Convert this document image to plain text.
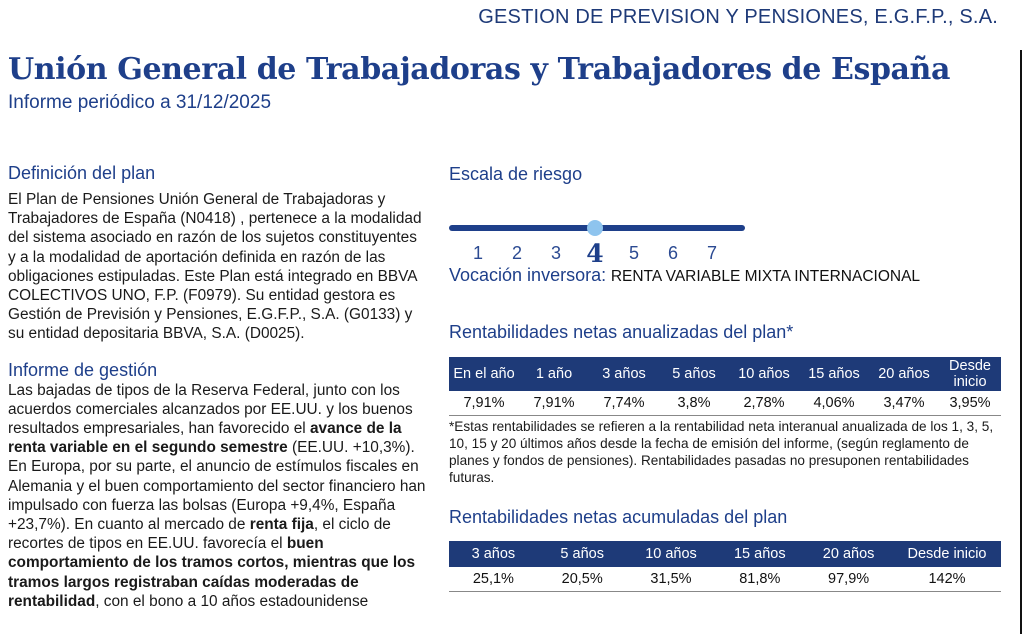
GESTION DE PREVISION Y PENSIONES, E.G.F.P., S.A.
Unión General de Trabajadoras y Trabajadores de España
Informe periódico a 31/12/2025
Definición del plan

El Plan de Pensiones Unión General de Trabajadoras y Trabajadores de España (N0418) , pertenece a la modalidad del sistema asociado en razón de los sujetos constituyentes y a la modalidad de aportación definida en razón de las obligaciones estipuladas. Este Plan está integrado en BBVA COLECTIVOS UNO, F.P. (F0979). Su entidad gestora es Gestión de Previsión y Pensiones, E.G.F.P., S.A. (G0133) y su entidad depositaria BBVA, S.A. (D0025).

Informe de gestión

Las bajadas de tipos de la Reserva Federal, junto con los acuerdos comerciales alcanzados por EE.UU. y los buenos resultados empresariales, han favorecido el avance de la renta variable en el segundo semestre (EE.UU. +10,3%). En Europa, por su parte, el anuncio de estímulos fiscales en Alemania y el buen comportamiento del sector financiero han impulsado con fuerza las bolsas (Europa +9,4%, España +23,7%). En cuanto al mercado de renta fija, el ciclo de recortes de tipos en EE.UU. favorecía el buen comportamiento de los tramos cortos, mientras que los tramos largos registraban caídas moderadas de rentabilidad, con el bono a 10 años estadounidense

Escala de riesgo
1 2 3 4 5 6 7
Vocación inversora: RENTA VARIABLE MIXTA INTERNACIONAL
Rentabilidades netas anualizadas del plan*
En el año	1 año	3 años	5 años	10 años	15 años	20 años	Desde inicio
7,91%	7,91%	7,74%	3,8%	2,78%	4,06%	3,47%	3,95%

*Estas rentabilidades se refieren a la rentabilidad neta interanual anualizada de los 1, 3, 5, 10, 15 y 20 últimos años desde la fecha de emisión del informe, (según reglamento de planes y fondos de pensiones). Rentabilidades pasadas no presuponen rentabilidades futuras.

Rentabilidades netas acumuladas del plan
3 años	5 años	10 años	15 años	20 años	Desde inicio
25,1%	20,5%	31,5%	81,8%	97,9%	142%
